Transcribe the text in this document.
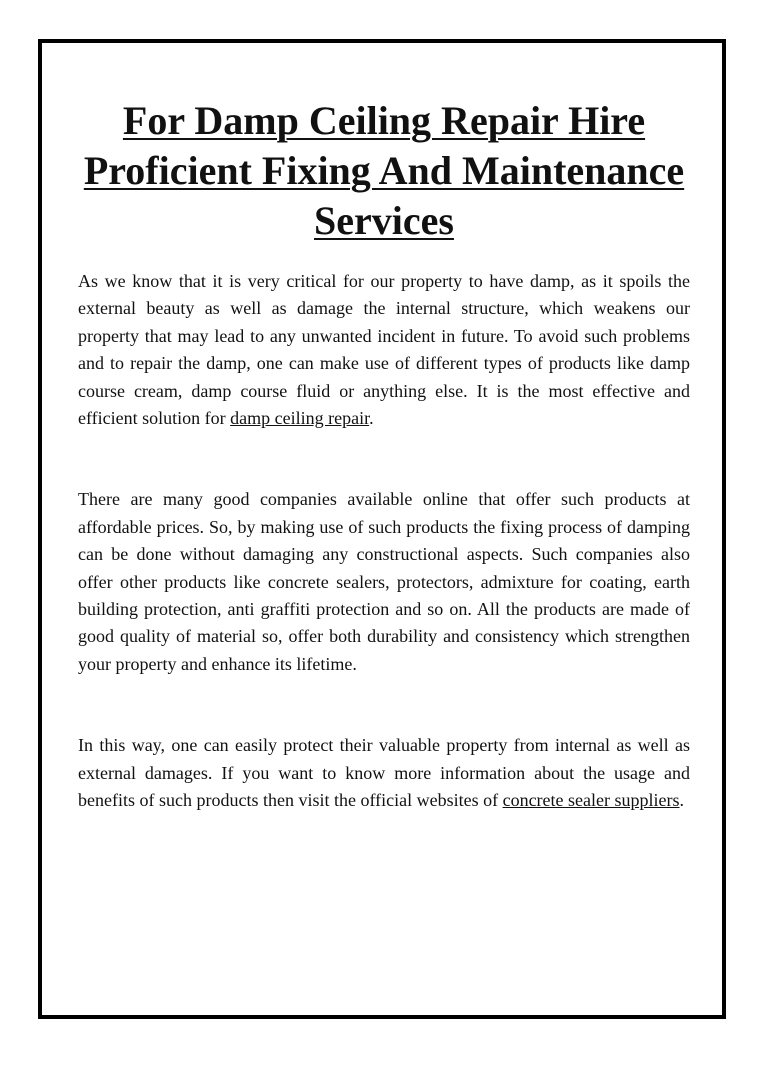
For Damp Ceiling Repair Hire Proficient Fixing And Maintenance Services

As we know that it is very critical for our property to have damp, as it spoils the external beauty as well as damage the internal structure, which weakens our property that may lead to any unwanted incident in future. To avoid such problems and to repair the damp, one can make use of different types of products like damp course cream, damp course fluid or anything else. It is the most effective and efficient solution for damp ceiling repair.

There are many good companies available online that offer such products at affordable prices. So, by making use of such products the fixing process of damping can be done without damaging any constructional aspects. Such companies also offer other products like concrete sealers, protectors, admixture for coating, earth building protection, anti graffiti protection and so on. All the products are made of good quality of material so, offer both durability and consistency which strengthen your property and enhance its lifetime.

In this way, one can easily protect their valuable property from internal as well as external damages. If you want to know more information about the usage and benefits of such products then visit the official websites of concrete sealer suppliers.
